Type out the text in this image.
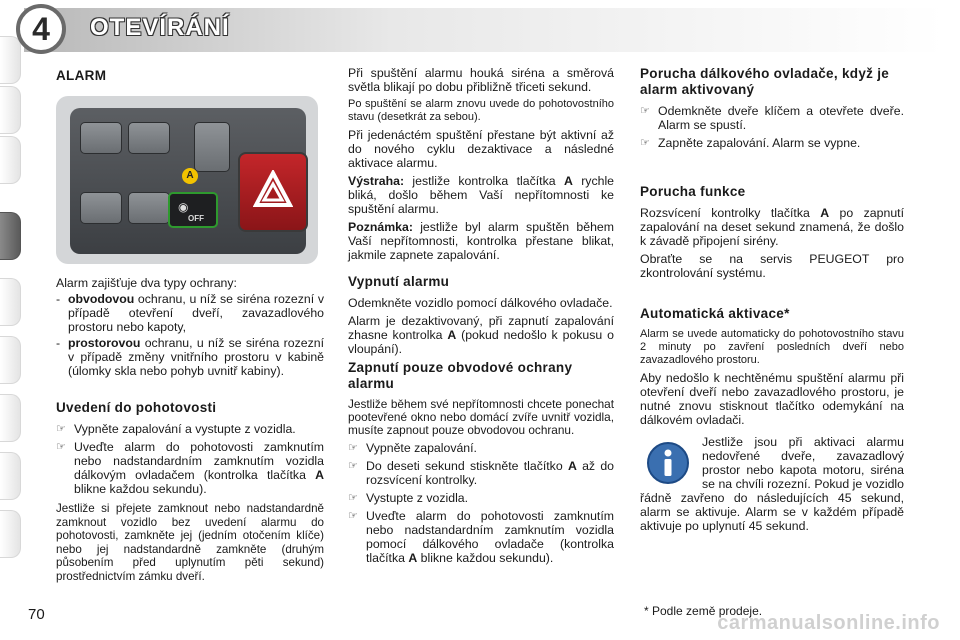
4	OTEVÍRÁNÍ
ALARM
◉
OFF
A

Alarm zajišťuje dva typy ochrany:

- obvodovou ochranu, u níž se siréna rozezní v případě otevření dveří, zavazadlového prostoru nebo kapoty,
- prostorovou ochranu, u níž se siréna rozezní v případě změny vnitřního prostoru v kabině (úlomky skla nebo pohyb uvnitř kabiny).
Uvedení do pohotovosti
☞ Vypněte zapalování a vystupte z vozidla.
☞ Uveďte alarm do pohotovosti zamknutím nebo nadstandardním zamknutím vozidla dálkovým ovladačem (kontrolka tlačítka A blikne každou sekundu).

Jestliže si přejete zamknout nebo nadstandardně zamknout vozidlo bez uvedení alarmu do pohotovosti, zamkněte jej (jedním otočením klíče) nebo jej nadstandardně zamkněte (druhým působením před uplynutím pěti sekund) prostřednictvím zámku dveří.

Při spuštění alarmu houká siréna a směrová světla blikají po dobu přibližně třiceti sekund.

Po spuštění se alarm znovu uvede do pohotovostního stavu (desetkrát za sebou).

Při jedenáctém spuštění přestane být aktivní až do nového cyklu dezaktivace a následné aktivace alarmu.

Výstraha: jestliže kontrolka tlačítka A rychle bliká, došlo během Vaší nepřítomnosti ke spuštění alarmu.

Poznámka: jestliže byl alarm spuštěn během Vaší nepřítomnosti, kontrolka přestane blikat, jakmile zapnete zapalování.

Vypnutí alarmu

Odemkněte vozidlo pomocí dálkového ovladače.

Alarm je dezaktivovaný, při zapnutí zapalování zhasne kontrolka A (pokud nedošlo k pokusu o vloupání).

Zapnutí pouze obvodové ochrany alarmu

Jestliže během své nepřítomnosti chcete ponechat pootevřené okno nebo domácí zvíře uvnitř vozidla, musíte zapnout pouze obvodovou ochranu.

☞ Vypněte zapalování.
☞ Do deseti sekund stiskněte tlačítko A až do rozsvícení kontrolky.
☞ Vystupte z vozidla.
☞ Uveďte alarm do pohotovosti zamknutím nebo nadstandardním zamknutím vozidla pomocí dálkového ovladače (kontrolka tlačítka A blikne každou sekundu).
Porucha dálkového ovladače, když je alarm aktivovaný
☞ Odemkněte dveře klíčem a otevřete dveře. Alarm se spustí.
☞ Zapněte zapalování. Alarm se vypne.
Porucha funkce

Rozsvícení kontrolky tlačítka A po zapnutí zapalování na deset sekund znamená, že došlo k závadě připojení sirény.

Obraťte se na servis PEUGEOT pro zkontrolování systému.

Automatická aktivace*

Alarm se uvede automaticky do pohotovostního stavu 2 minuty po zavření posledních dveří nebo zavazadlového prostoru.

Aby nedošlo k nechtěnému spuštění alarmu při otevření dveří nebo zavazadlového prostoru, je nutné znovu stisknout tlačítko odemykání na dálkovém ovladači.

Jestliže jsou při aktivaci alarmu nedovřené dveře, zavazadlový prostor nebo kapota motoru, siréna se na chvíli rozezní. Pokud je vozidlo řádně zavřeno do následujících 45 sekund, alarm se aktivuje. Alarm se v každém případě aktivuje po uplynutí 45 sekund.

70	* Podle země prodeje.
carmanualsonline.info
